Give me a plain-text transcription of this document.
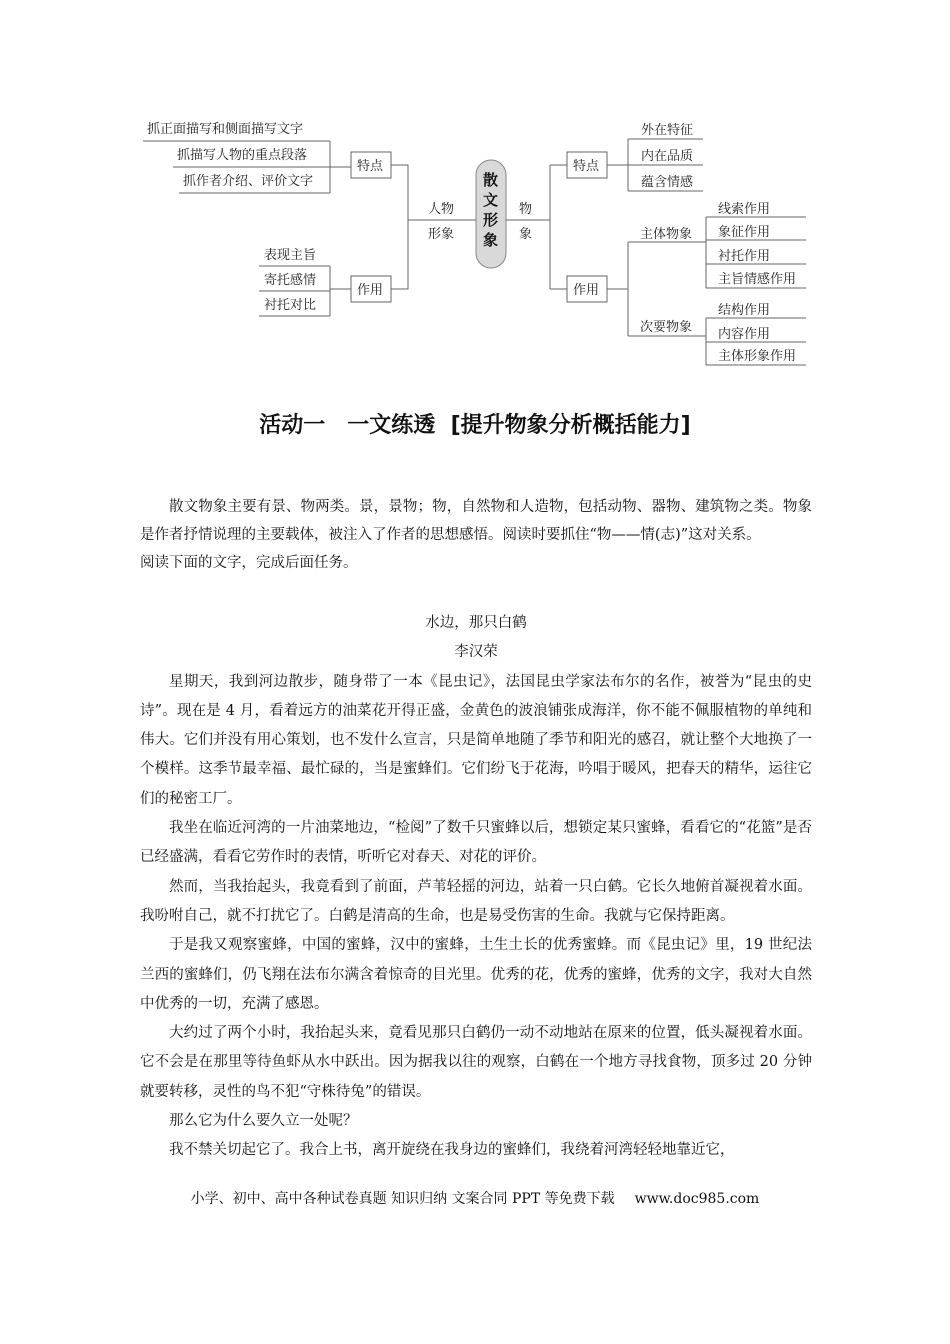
抓正面描写和侧面描写文字
抓描写人物的重点段落
抓作者介绍、评价文字
特点
表现主旨
寄托感情
衬托对比
作用
人物
形象
散
文
形
象
物
象
特点
外在特征
内在品质
蕴含情感
作用
主体物象
次要物象
线索作用
象征作用
衬托作用
主旨情感作用
结构作用
内容作用
主体形象作用
活动一 一文练透 [提升物象分析概括能力]

散文物象主要有景、物两类。景，景物；物，自然物和人造物，包括动物、器物、建筑物之类。物象是作者抒情说理的主要载体，被注入了作者的思想感悟。阅读时要抓住“物——情(志)”这对关系。

阅读下面的文字，完成后面任务。

水边，那只白鹤

李汉荣

星期天，我到河边散步，随身带了一本《昆虫记》，法国昆虫学家法布尔的名作，被誉为“昆虫的史诗”。现在是 4 月，看着远方的油菜花开得正盛，金黄色的波浪铺张成海洋，你不能不佩服植物的单纯和伟大。它们并没有用心策划，也不发什么宣言，只是简单地随了季节和阳光的感召，就让整个大地换了一个模样。这季节最幸福、最忙碌的，当是蜜蜂们。它们纷飞于花海，吟唱于暖风，把春天的精华，运往它们的秘密工厂。

我坐在临近河湾的一片油菜地边，“检阅”了数千只蜜蜂以后，想锁定某只蜜蜂，看看它的“花篮”是否已经盛满，看看它劳作时的表情，听听它对春天、对花的评价。

然而，当我抬起头，我竟看到了前面，芦苇轻摇的河边，站着一只白鹤。它长久地俯首凝视着水面。我吩咐自己，就不打扰它了。白鹤是清高的生命，也是易受伤害的生命。我就与它保持距离。

于是我又观察蜜蜂，中国的蜜蜂，汉中的蜜蜂，土生土长的优秀蜜蜂。而《昆虫记》里，19 世纪法兰西的蜜蜂们，仍飞翔在法布尔满含着惊奇的目光里。优秀的花，优秀的蜜蜂，优秀的文字，我对大自然中优秀的一切，充满了感恩。

大约过了两个小时，我抬起头来，竟看见那只白鹤仍一动不动地站在原来的位置，低头凝视着水面。它不会是在那里等待鱼虾从水中跃出。因为据我以往的观察，白鹤在一个地方寻找食物，顶多过 20 分钟就要转移，灵性的鸟不犯“守株待兔”的错误。

那么它为什么要久立一处呢？

我不禁关切起它了。我合上书，离开旋绕在我身边的蜜蜂们，我绕着河湾轻轻地靠近它，

小学、初中、高中各种试卷真题 知识归纳 文案合同 PPT 等免费下载 www.doc985.com
